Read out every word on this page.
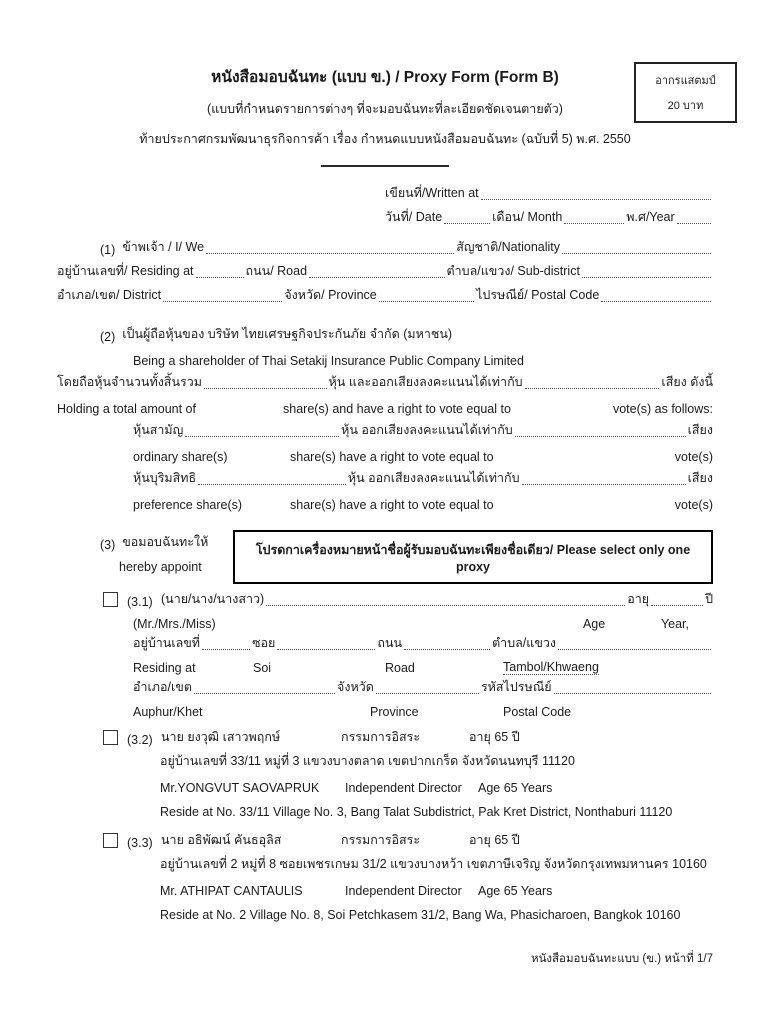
อากรแสตมป์
20 บาท
หนังสือมอบฉันทะ (แบบ ข.) / Proxy Form (Form B)
(แบบที่กำหนดรายการต่างๆ ที่จะมอบฉันทะที่ละเอียดชัดเจนตายตัว)
ท้ายประกาศกรมพัฒนาธุรกิจการค้า เรื่อง กำหนดแบบหนังสือมอบฉันทะ (ฉบับที่ 5) พ.ศ. 2550
เขียนที่/Written at
วันที่/ Date	เดือน/ Month	พ.ศ/Year
(1)
ข้าพเจ้า / I/ We	สัญชาติ/Nationality
อยู่บ้านเลขที่/ Residing at	ถนน/ Road	ตำบล/แขวง/ Sub-district
อำเภอ/เขต/ District	จังหวัด/ Province	ไปรษณีย์/ Postal Code
(2)
เป็นผู้ถือหุ้นของ บริษัท ไทยเศรษฐกิจประกันภัย จำกัด (มหาชน)
Being a shareholder of Thai Setakij Insurance Public Company Limited
โดยถือหุ้นจำนวนทั้งสิ้นรวม	หุ้น และออกเสียงลงคะแนนได้เท่ากับ	เสียง ดังนี้
Holding a total amount of	share(s) and have a right to vote equal to	vote(s) as follows:
หุ้นสามัญ	หุ้น ออกเสียงลงคะแนนได้เท่ากับ	เสียง
ordinary share(s)	share(s) have a right to vote equal to	vote(s)
หุ้นบุริมสิทธิ	หุ้น ออกเสียงลงคะแนนได้เท่ากับ	เสียง
preference share(s)	share(s) have a right to vote equal to	vote(s)
(3)
ขอมอบฉันทะให้
hereby appoint
โปรดกาเครื่องหมายหน้าชื่อผู้รับมอบฉันทะเพียงชื่อเดียว/ Please select only one proxy
(3.1) (นาย/นาง/นางสาว)	อายุ	ปี
(Mr./Mrs./Miss)	Age	Year,
อยู่บ้านเลขที่	ซอย	ถนน	ตำบล/แขวง
Residing at	Soi	Road	Tambol/Khwaeng
อำเภอ/เขต	จังหวัด	รหัสไปรษณีย์
Auphur/Khet	Province	Postal Code
(3.2) นาย ยงวุฒิ เสาวพฤกษ์	กรรมการอิสระ	อายุ 65 ปี
อยู่บ้านเลขที่ 33/11 หมู่ที่ 3 แขวงบางตลาด เขตปากเกร็ด จังหวัดนนทบุรี 11120
Mr.YONGVUT SAOVAPRUK	Independent Director	Age 65 Years
Reside at No. 33/11 Village No. 3, Bang Talat Subdistrict, Pak Kret District, Nonthaburi 11120
(3.3) นาย อธิพัฒน์ คันธอุลิส	กรรมการอิสระ	อายุ 65 ปี
อยู่บ้านเลขที่ 2 หมู่ที่ 8 ซอยเพชรเกษม 31/2 แขวงบางหว้า เขตภาษีเจริญ จังหวัดกรุงเทพมหานคร 10160
Mr. ATHIPAT CANTAULIS	Independent Director	Age 65 Years
Reside at No. 2 Village No. 8, Soi Petchkasem 31/2, Bang Wa, Phasicharoen, Bangkok 10160
หนังสือมอบฉันทะแบบ (ข.) หน้าที่ 1/7
